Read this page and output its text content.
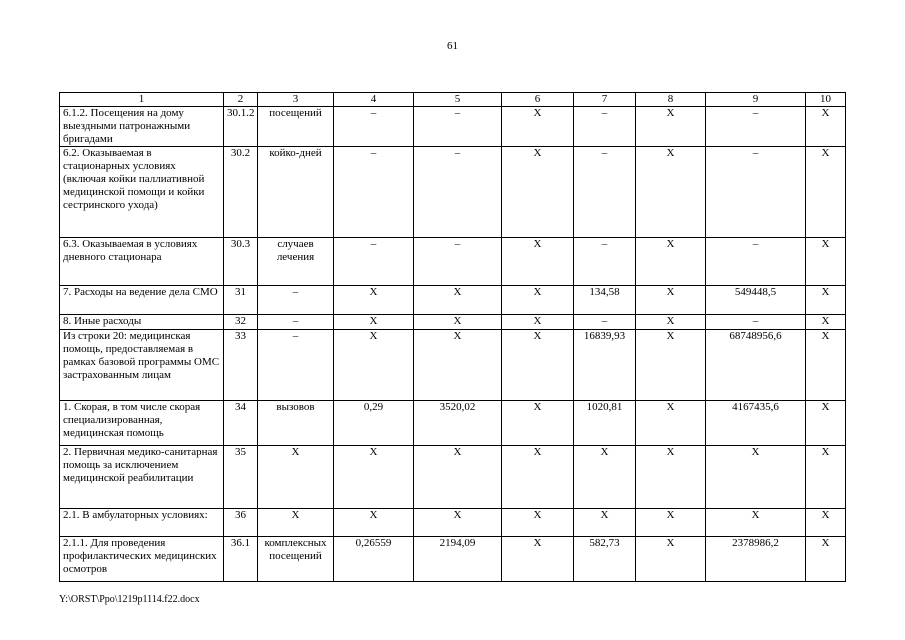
61
1	2	3	4	5	6	7	8	9	10
6.1.2. Посещения на дому выездными патронажными бригадами	30.1.2	посещений	–	–	Х	–	Х	–	Х
6.2. Оказываемая в стационарных условиях (включая койки паллиативной медицинской помощи и койки сестринского ухода)	30.2	койко-дней	–	–	Х	–	Х	–	Х
6.3. Оказываемая в условиях дневного стационара	30.3	случаев лечения	–	–	Х	–	Х	–	Х
7. Расходы на ведение дела СМО	31	–	Х	Х	Х	134,58	Х	549448,5	Х
8. Иные расходы	32	–	Х	Х	Х	–	Х	–	Х
Из строки 20: медицинская помощь, предоставляемая в рамках базовой программы ОМС застрахованным лицам	33	–	Х	Х	Х	16839,93	Х	68748956,6	Х
1. Скорая, в том числе скорая специализированная, медицинская помощь	34	вызовов	0,29	3520,02	Х	1020,81	Х	4167435,6	Х
2. Первичная медико-санитарная помощь за исключением медицинской реабилитации	35	Х	Х	Х	Х	Х	Х	Х	Х
2.1. В амбулаторных условиях:	36	Х	Х	Х	Х	Х	Х	Х	Х
2.1.1. Для проведения профилактических медицинских осмотров	36.1	комплексных посещений	0,26559	2194,09	Х	582,73	Х	2378986,2	Х
Y:\ORST\Ppo\1219p1114.f22.docx
